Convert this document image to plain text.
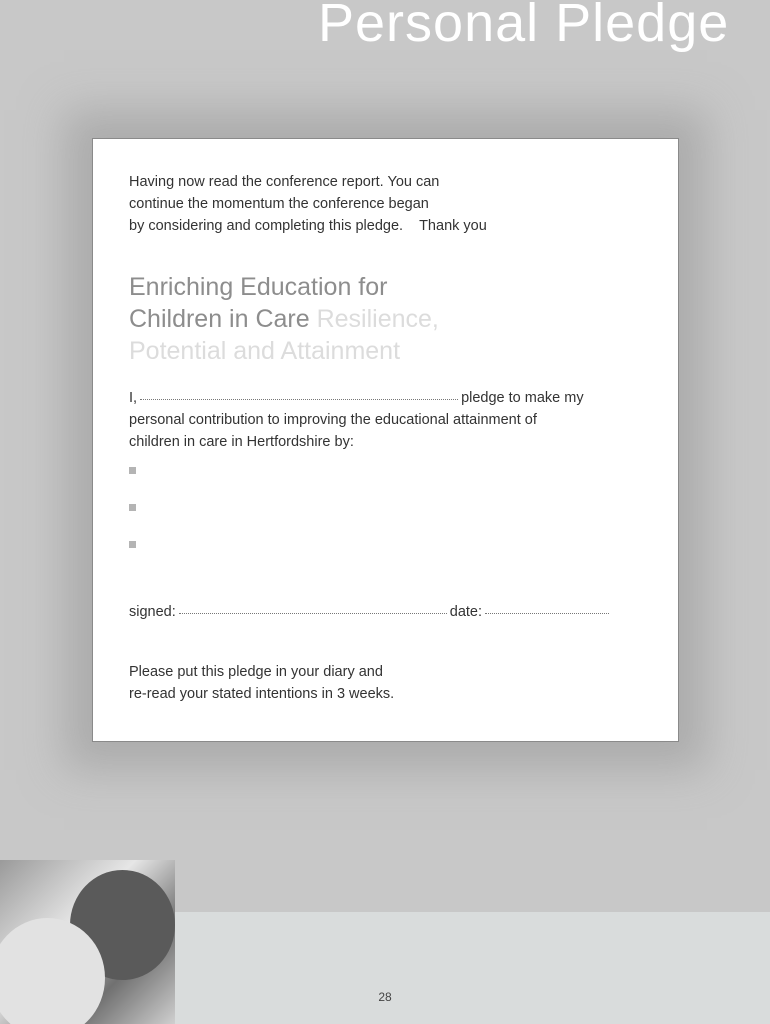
Personal Pledge
Having now read the conference report. You can
continue the momentum the conference began
by considering and completing this pledge. Thank you
Enriching Education for
Children in Care Resilience,
Potential and Attainment
I,	pledge to make my
personal contribution to improving the educational attainment of
children in care in Hertfordshire by:
signed:	date:
Please put this pledge in your diary and
re-read your stated intentions in 3 weeks.
28
